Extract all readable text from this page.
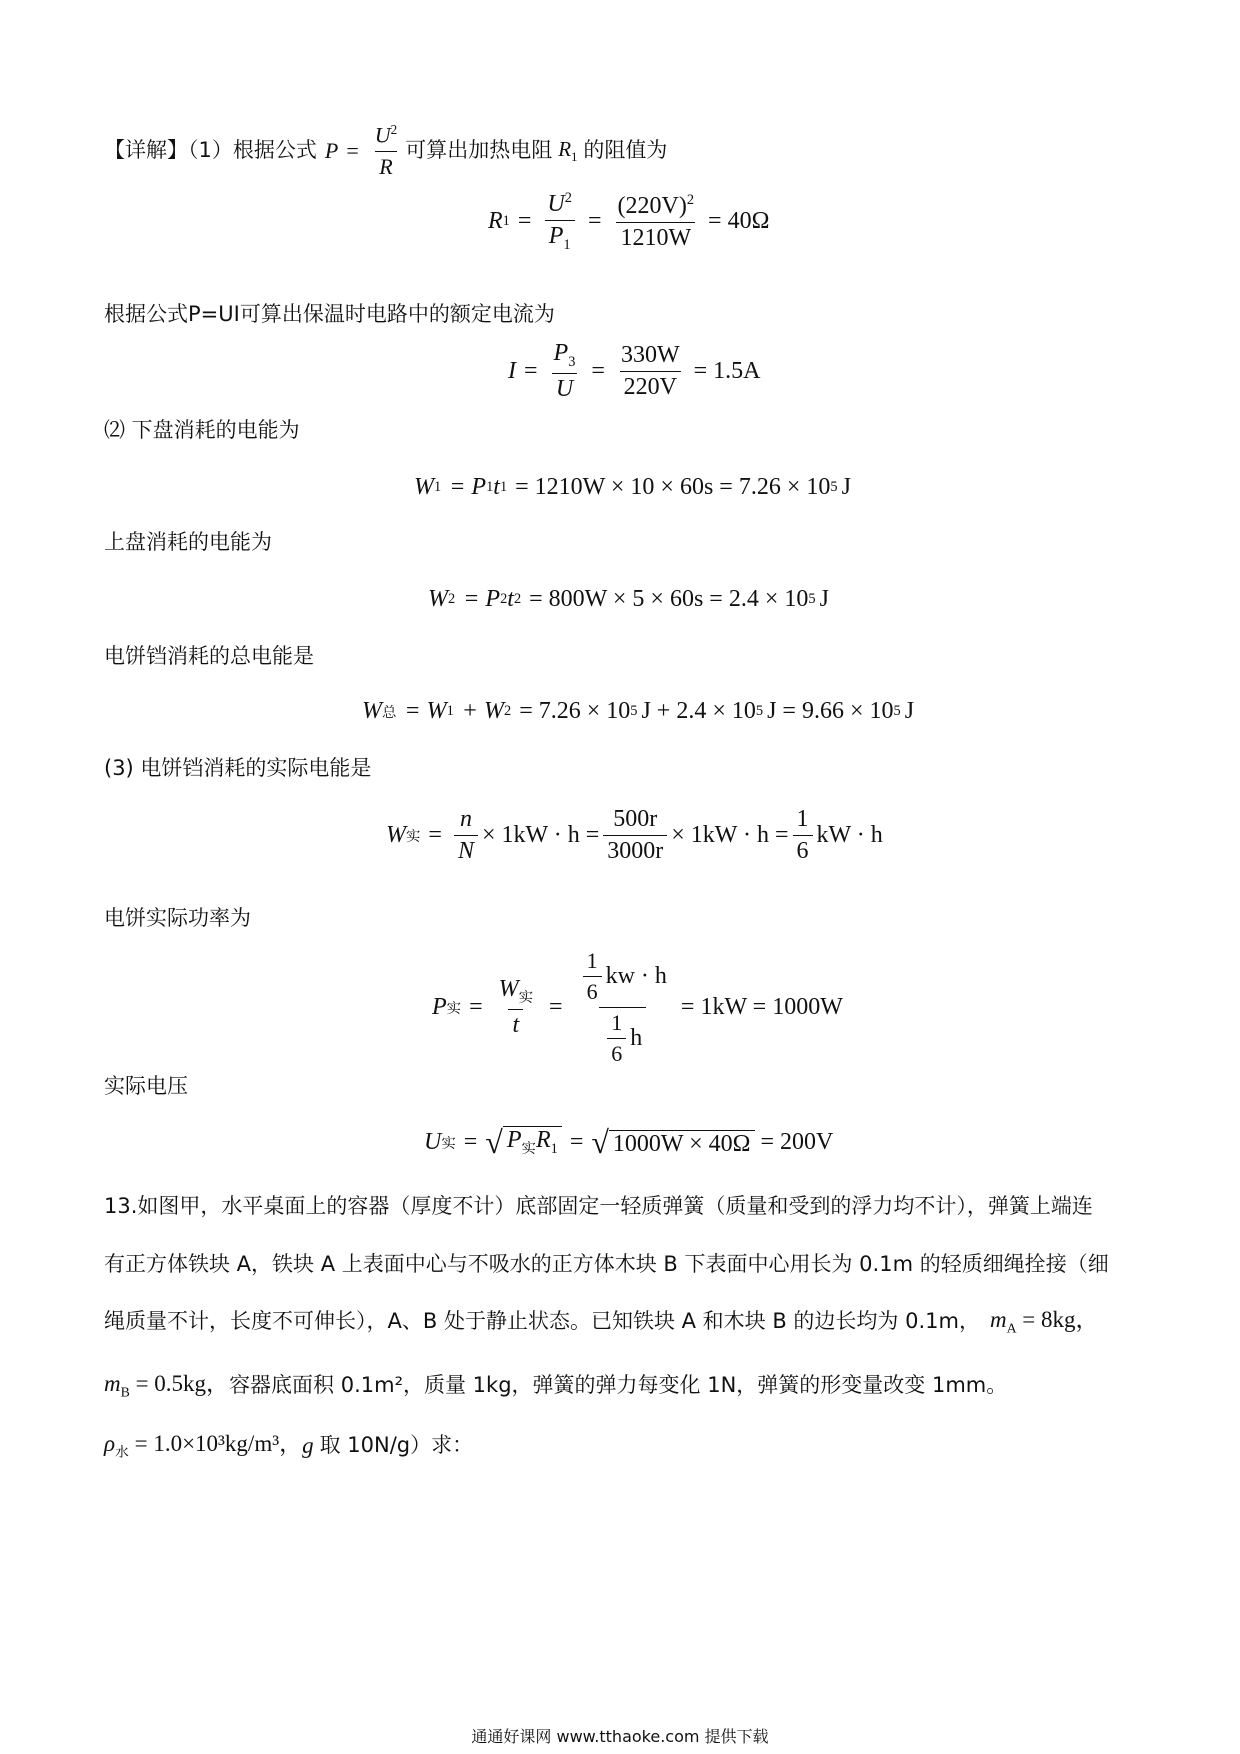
【详解】（1）根据公式 $P = \frac{U^2}{R}$ 可算出加热电阻 $R_1$ 的阻值为
R $1 = \frac{U^2}{P_1} = \frac{(220V)^2}{1210W} = 40\Omega$
根据公式P=UI可算出保温时电路中的额定电流为
$I = \frac{P_3}{U} = \frac{330W}{220V} = 1.5A$
⑵ 下盘消耗的电能为
W 1 = P 1 t 1 = 1210W × 10 × 60s = 7.26 × 10 5 J
上盘消耗的电能为
W 2 = P 2 t 2 = 800W × 5 × 60s = 2.4 × 10 5 J
电饼铛消耗的总电能是
W 总 = W 1 + W 2 = 7.26 × 10 5 J + 2.4 × 10 5 J = 9.66 × 10 5 J
(3) 电饼铛消耗的实际电能是
W 实 = $\frac{n}{N} \times 1kW \cdot h = \frac{500r}{3000r} \times 1kW \cdot h = \frac{1}{6}$ kW · h
电饼实际功率为
P 实 = $\frac{W_实}{t} = \frac{\frac{1}{6} kw \cdot h}{\frac{1}{6} h} = 1kW = 1000W$
实际电压
U 实 = √ $P_实R_1$ = √ 1000W × 40Ω = 200V
13.如图甲，水平桌面上的容器（厚度不计）底部固定一轻质弹簧（质量和受到的浮力均不计），弹簧上端连
有正方体铁块 A，铁块 A 上表面中心与不吸水的正方体木块 B 下表面中心用长为 0.1m 的轻质细绳拴接（细
绳质量不计，长度不可伸长），A、B 处于静止状态。已知铁块 A 和木块 B 的边长均为 0.1m， $m_A = 8kg$，
$m_B = 0.5kg$， 容器底面积 0.1m²，质量 1kg，弹簧的弹力每变化 1N，弹簧的形变量改变 1mm。
$\rho_水 = 1.0\times 10^3kg/m^3$， g 取 10N/g）求：
通通好课网 www.tthaoke.com 提供下载
